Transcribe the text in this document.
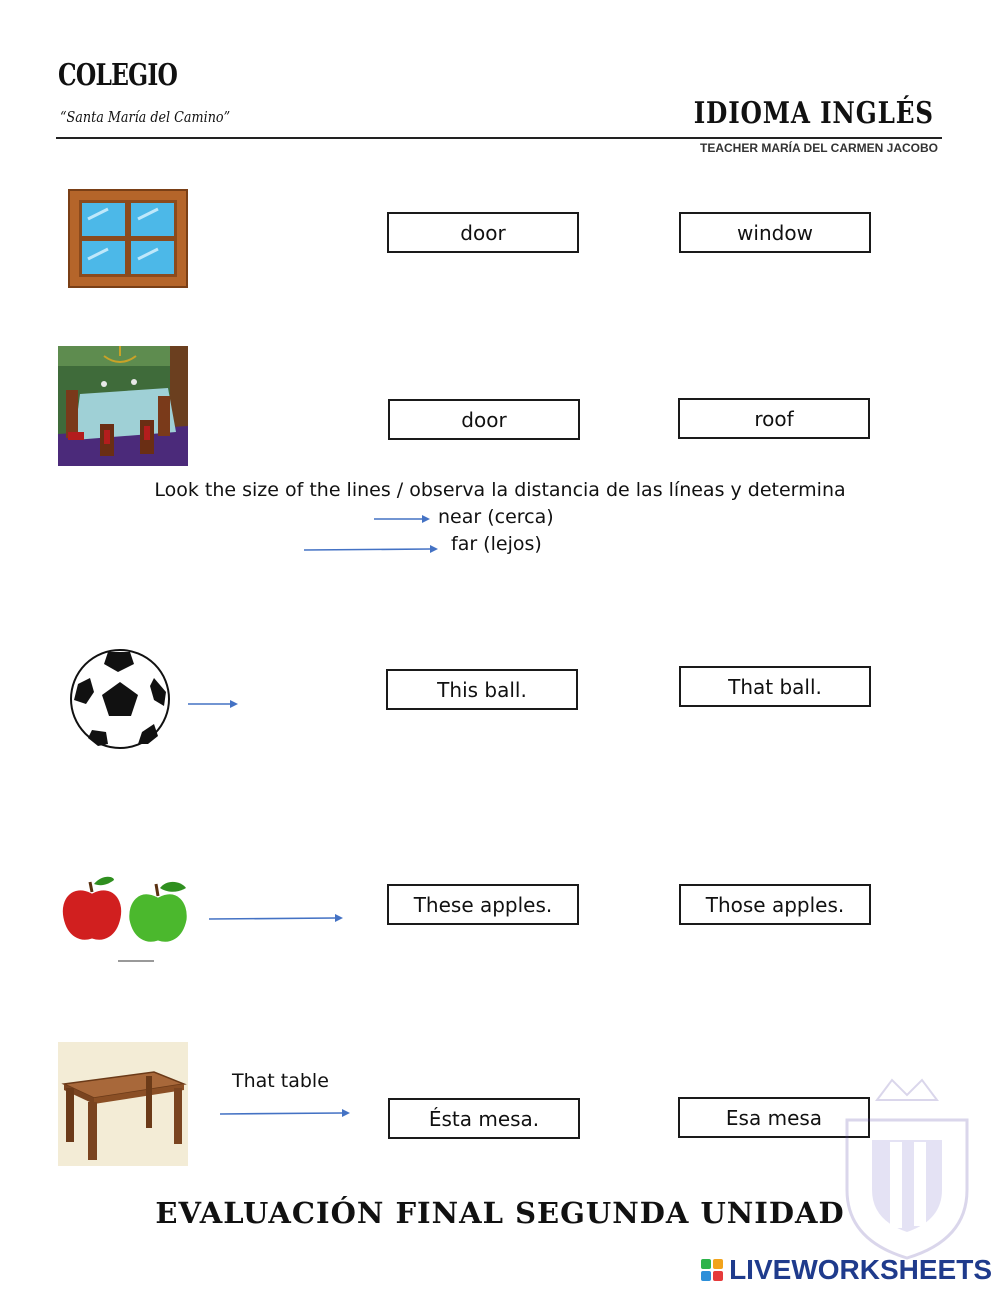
COLEGIO
“Santa María del Camino”	IDIOMA INGLÉS
TEACHER MARÍA DEL CARMEN JACOBO
door	window
door	roof
Look the size of the lines / observa la distancia de las líneas y determina
near (cerca)
far (lejos)
This ball.	That ball.
These apples.	Those apples.
That table
Ésta mesa.	Esa mesa
EVALUACIÓN FINAL SEGUNDA UNIDAD
LIVEWORKSHEETS
